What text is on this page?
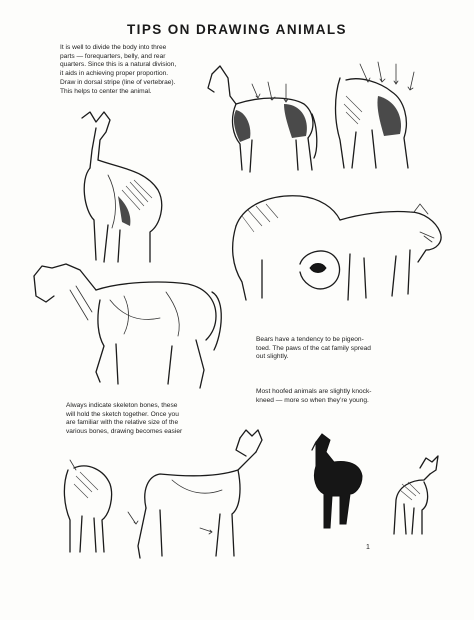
TIPS ON DRAWING ANIMALS
It is well to divide the body into three
parts — forequarters, belly, and rear
quarters. Since this is a natural division,
it aids in achieving proper proportion.
Draw in dorsal stripe (line of vertebrae).
This helps to center the animal.
Bears have a tendency to be pigeon-
toed. The paws of the cat family spread
out slightly.
Most hoofed animals are slightly knock-
kneed — more so when they’re young.
Always indicate skeleton bones, these
will hold the sketch together. Once you
are familiar with the relative size of the
various bones, drawing becomes easier
1
